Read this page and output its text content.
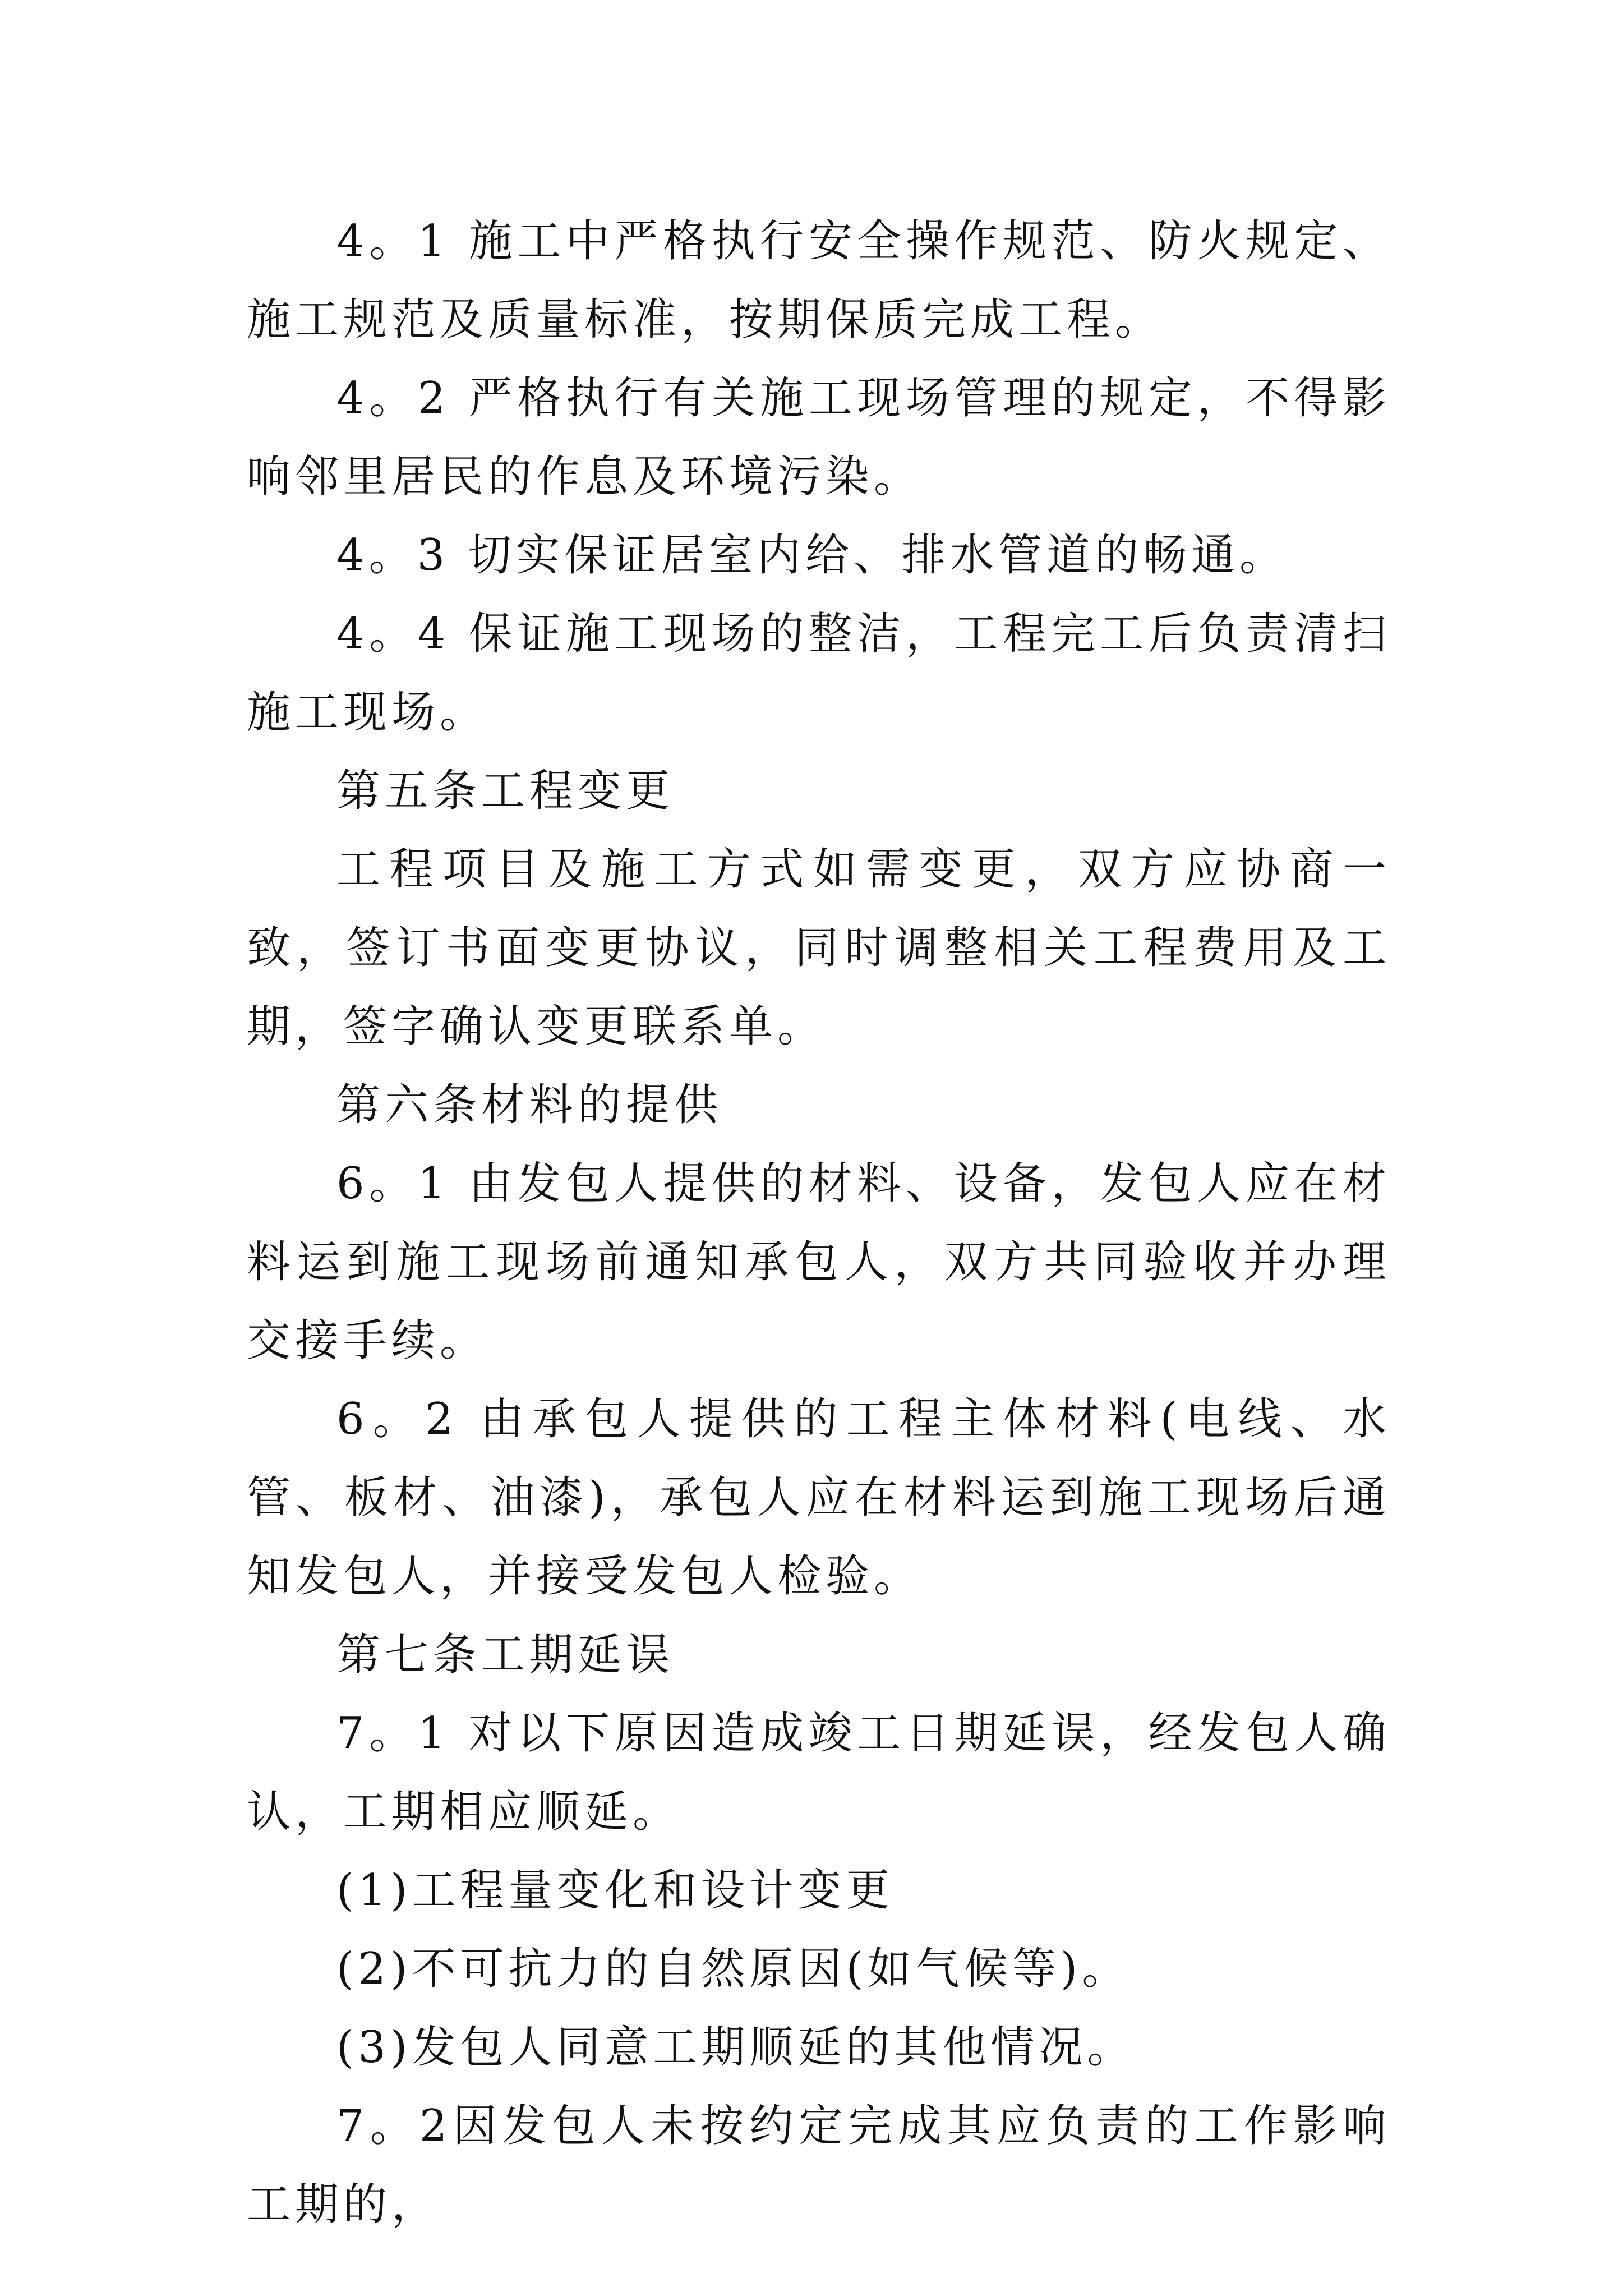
4。1 施工中严格执行安全操作规范、防火规定、施工规范及质量标准，按期保质完成工程。

4。2 严格执行有关施工现场管理的规定，不得影响邻里居民的作息及环境污染。

4。3 切实保证居室内给、排水管道的畅通。

4。4 保证施工现场的整洁，工程完工后负责清扫施工现场。

第五条工程变更

工程项目及施工方式如需变更，双方应协商一致，签订书面变更协议，同时调整相关工程费用及工期，签字确认变更联系单。

第六条材料的提供

6。1 由发包人提供的材料、设备，发包人应在材料运到施工现场前通知承包人，双方共同验收并办理交接手续。

6。2 由承包人提供的工程主体材料(电线、水管、板材、油漆)，承包人应在材料运到施工现场后通知发包人，并接受发包人检验。

第七条工期延误

7。1 对以下原因造成竣工日期延误，经发包人确认，工期相应顺延。

(1)工程量变化和设计变更

(2)不可抗力的自然原因(如气候等)。

(3)发包人同意工期顺延的其他情况。

7。2因发包人未按约定完成其应负责的工作影响工期的，
